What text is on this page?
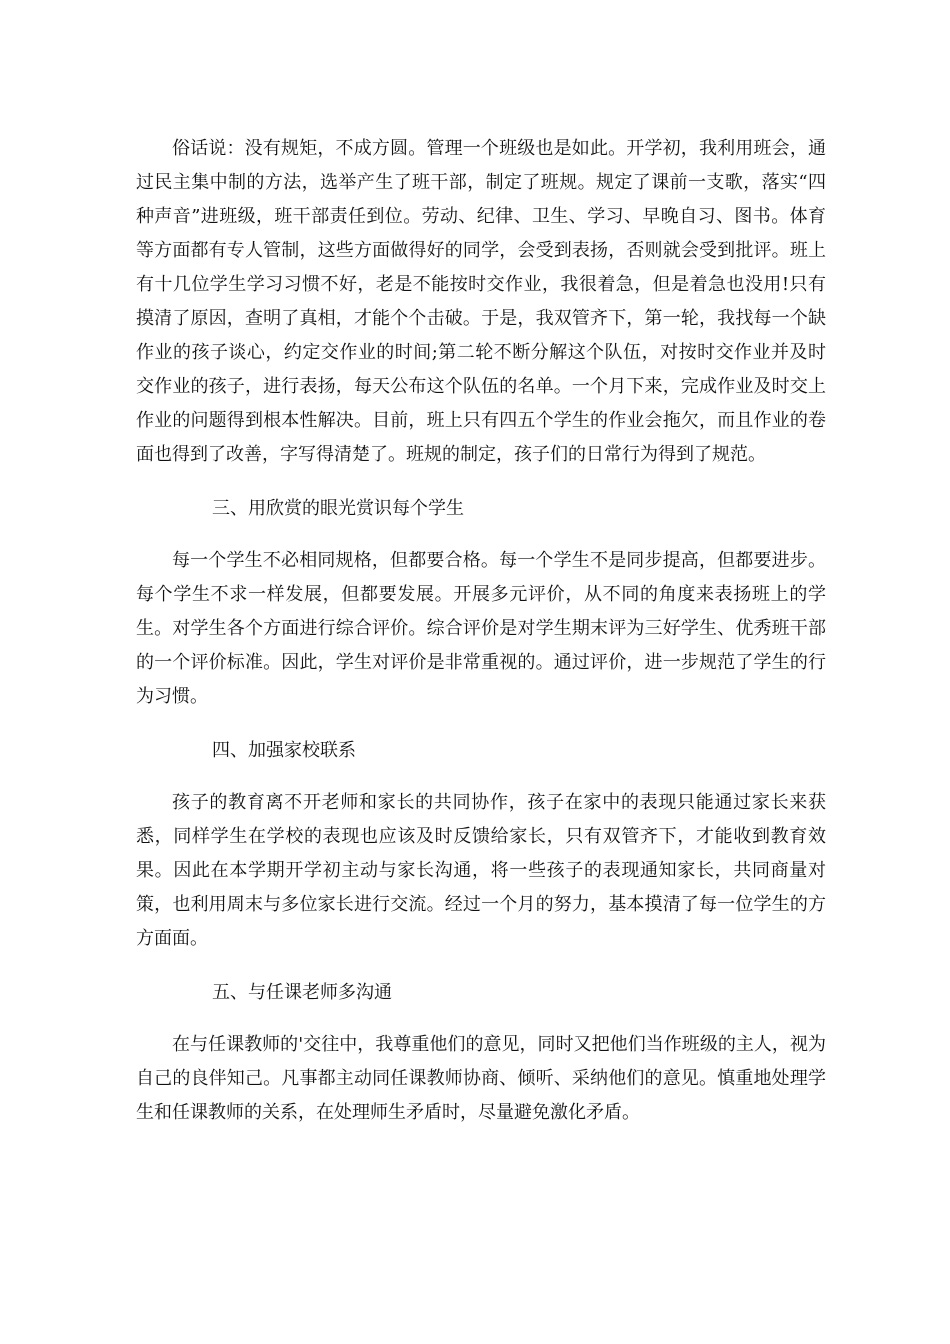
俗话说：没有规矩，不成方圆。管理一个班级也是如此。开学初，我利用班会，通过民主集中制的方法，选举产生了班干部，制定了班规。规定了课前一支歌，落实“四种声音”进班级，班干部责任到位。劳动、纪律、卫生、学习、早晚自习、图书。体育等方面都有专人管制，这些方面做得好的同学，会受到表扬，否则就会受到批评。班上有十几位学生学习习惯不好，老是不能按时交作业，我很着急，但是着急也没用!只有摸清了原因，查明了真相，才能个个击破。于是，我双管齐下，第一轮，我找每一个缺作业的孩子谈心，约定交作业的时间;第二轮不断分解这个队伍，对按时交作业并及时交作业的孩子，进行表扬，每天公布这个队伍的名单。一个月下来，完成作业及时交上作业的问题得到根本性解决。目前，班上只有四五个学生的作业会拖欠，而且作业的卷面也得到了改善，字写得清楚了。班规的制定，孩子们的日常行为得到了规范。

三、用欣赏的眼光赏识每个学生

每一个学生不必相同规格，但都要合格。每一个学生不是同步提高，但都要进步。每个学生不求一样发展，但都要发展。开展多元评价，从不同的角度来表扬班上的学生。对学生各个方面进行综合评价。综合评价是对学生期末评为三好学生、优秀班干部的一个评价标准。因此，学生对评价是非常重视的。通过评价，进一步规范了学生的行为习惯。

四、加强家校联系

孩子的教育离不开老师和家长的共同协作，孩子在家中的表现只能通过家长来获悉，同样学生在学校的表现也应该及时反馈给家长，只有双管齐下，才能收到教育效果。因此在本学期开学初主动与家长沟通，将一些孩子的表现通知家长，共同商量对策，也利用周末与多位家长进行交流。经过一个月的努力，基本摸清了每一位学生的方方面面。

五、与任课老师多沟通

在与任课教师的'交往中，我尊重他们的意见，同时又把他们当作班级的主人，视为自己的良伴知己。凡事都主动同任课教师协商、倾听、采纳他们的意见。慎重地处理学生和任课教师的关系，在处理师生矛盾时，尽量避免激化矛盾。
